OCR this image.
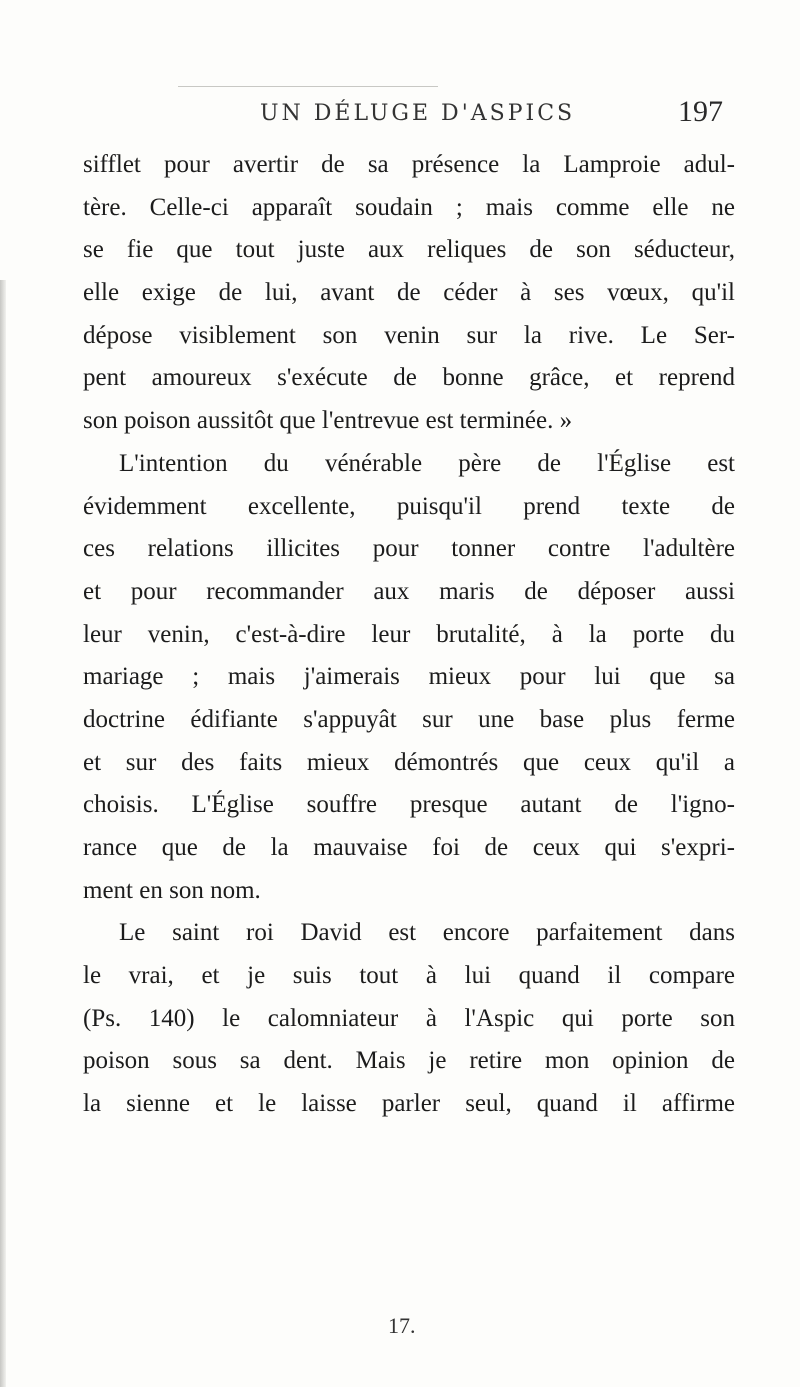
UN DÉLUGE D'ASPICS	197
sifflet pour avertir de sa présence la Lamproie adul-
tère. Celle-ci apparaît soudain ; mais comme elle ne
se fie que tout juste aux reliques de son séducteur,
elle exige de lui, avant de céder à ses vœux, qu'il
dépose visiblement son venin sur la rive. Le Ser-
pent amoureux s'exécute de bonne grâce, et reprend
son poison aussitôt que l'entrevue est terminée. »
L'intention du vénérable père de l'Église est
évidemment excellente, puisqu'il prend texte de
ces relations illicites pour tonner contre l'adultère
et pour recommander aux maris de déposer aussi
leur venin, c'est-à-dire leur brutalité, à la porte du
mariage ; mais j'aimerais mieux pour lui que sa
doctrine édifiante s'appuyât sur une base plus ferme
et sur des faits mieux démontrés que ceux qu'il a
choisis. L'Église souffre presque autant de l'igno-
rance que de la mauvaise foi de ceux qui s'expri-
ment en son nom.
Le saint roi David est encore parfaitement dans
le vrai, et je suis tout à lui quand il compare
(Ps. 140) le calomniateur à l'Aspic qui porte son
poison sous sa dent. Mais je retire mon opinion de
la sienne et le laisse parler seul, quand il affirme
17.
